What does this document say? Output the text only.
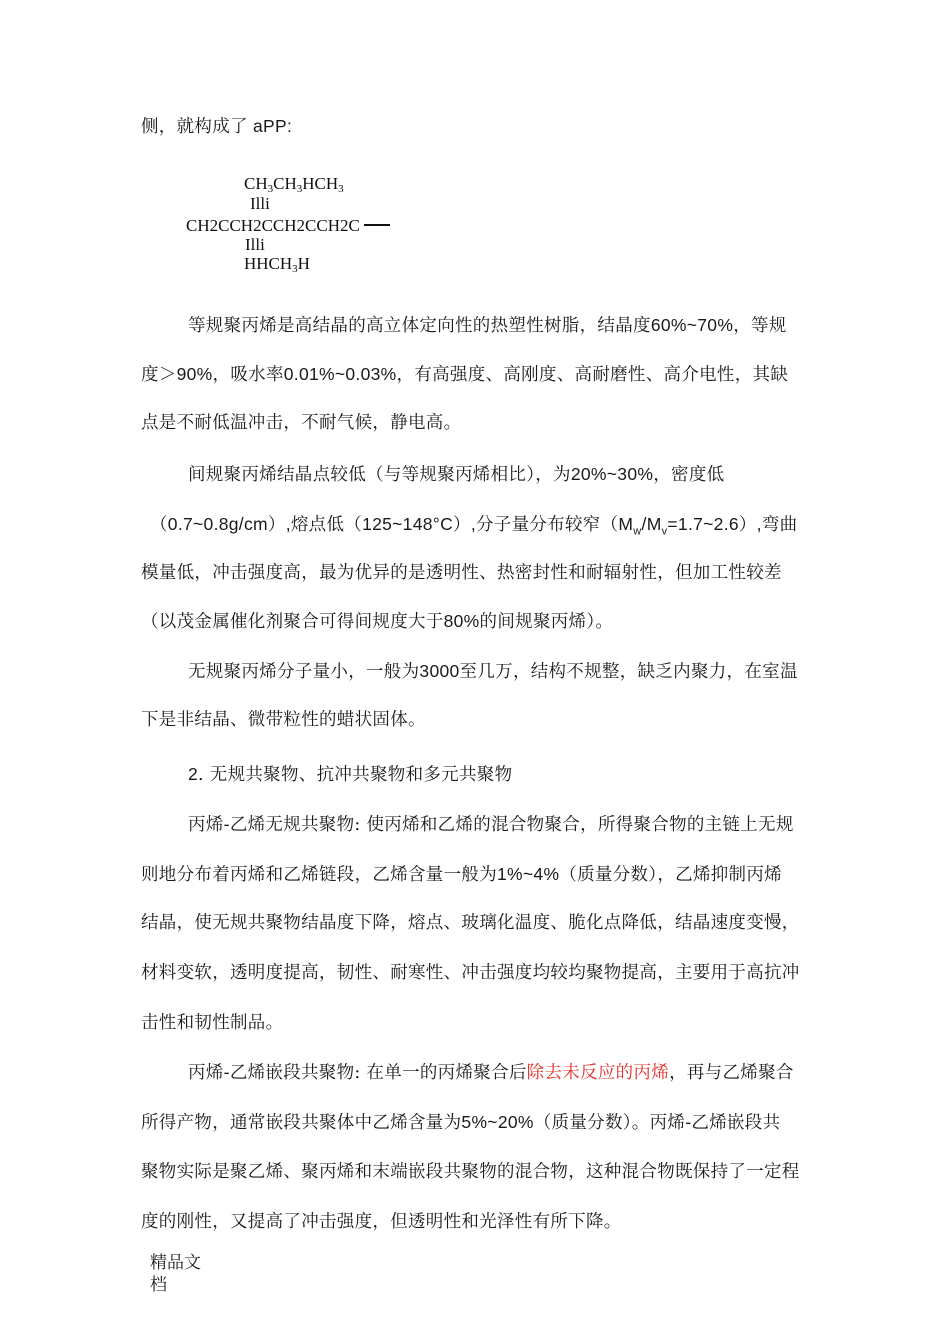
侧，就构成了 aPP:
$CH_3CH_3HCH_3$
Illi
CH2CCH2CCH2CCH2C
Illi
$HHCH_3H$
等规聚丙烯是高结晶的高立体定向性的热塑性树脂，结晶度60%~70%，等规
度＞90%，吸水率0.01%~0.03%，有高强度、高刚度、高耐磨性、高介电性，其缺
点是不耐低温冲击，不耐气候，静电高。
间规聚丙烯结晶点较低（与等规聚丙烯相比），为20%~30%，密度低
（0.7~0.8g/cm）,熔点低（125~148°C）,分子量分布较窄$(M_w/M_v=1.7\sim 2.6)$,弯曲
模量低，冲击强度高，最为优异的是透明性、热密封性和耐辐射性，但加工性较差
（以茂金属催化剂聚合可得间规度大于80%的间规聚丙烯）。
无规聚丙烯分子量小，一般为3000至几万，结构不规整，缺乏内聚力，在室温
下是非结晶、微带粒性的蜡状固体。
2. 无规共聚物、抗冲共聚物和多元共聚物
丙烯-乙烯无规共聚物: 使丙烯和乙烯的混合物聚合，所得聚合物的主链上无规
则地分布着丙烯和乙烯链段，乙烯含量一般为1%~4%（质量分数），乙烯抑制丙烯
结晶，使无规共聚物结晶度下降，熔点、玻璃化温度、脆化点降低，结晶速度变慢，
材料变软，透明度提高，韧性、耐寒性、冲击强度均较均聚物提高，主要用于高抗冲
击性和韧性制品。
丙烯-乙烯嵌段共聚物: 在单一的丙烯聚合后除去未反应的丙烯，再与乙烯聚合
所得产物，通常嵌段共聚体中乙烯含量为5%~20%（质量分数）。丙烯-乙烯嵌段共
聚物实际是聚乙烯、聚丙烯和末端嵌段共聚物的混合物，这种混合物既保持了一定程
度的刚性，又提高了冲击强度，但透明性和光泽性有所下降。
精品文
档
